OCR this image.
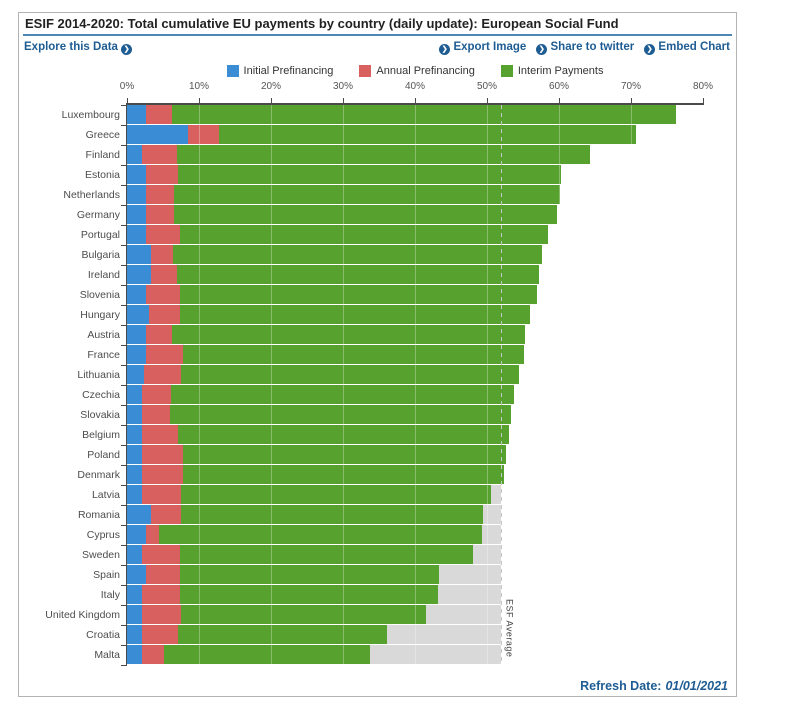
ESIF 2014-2020: Total cumulative EU payments by country (daily update): European Social Fund
Explore this Data ❯	❯ Export Image	❯ Share to twitter	❯ Embed Chart
Initial Prefinancing	Annual Prefinancing	Interim Payments
0%	10%	20%	30%	40%	50%	60%	70%	80%
Luxembourg
Greece
Finland
Estonia
Netherlands
Germany
Portugal
Bulgaria
Ireland
Slovenia
Hungary
Austria
France
Lithuania
Czechia
Slovakia
Belgium
Poland
Denmark
Latvia
Romania
Cyprus
Sweden
Spain
Italy
United Kingdom
Croatia
Malta	ESF Average
Refresh Date: 01/01/2021
